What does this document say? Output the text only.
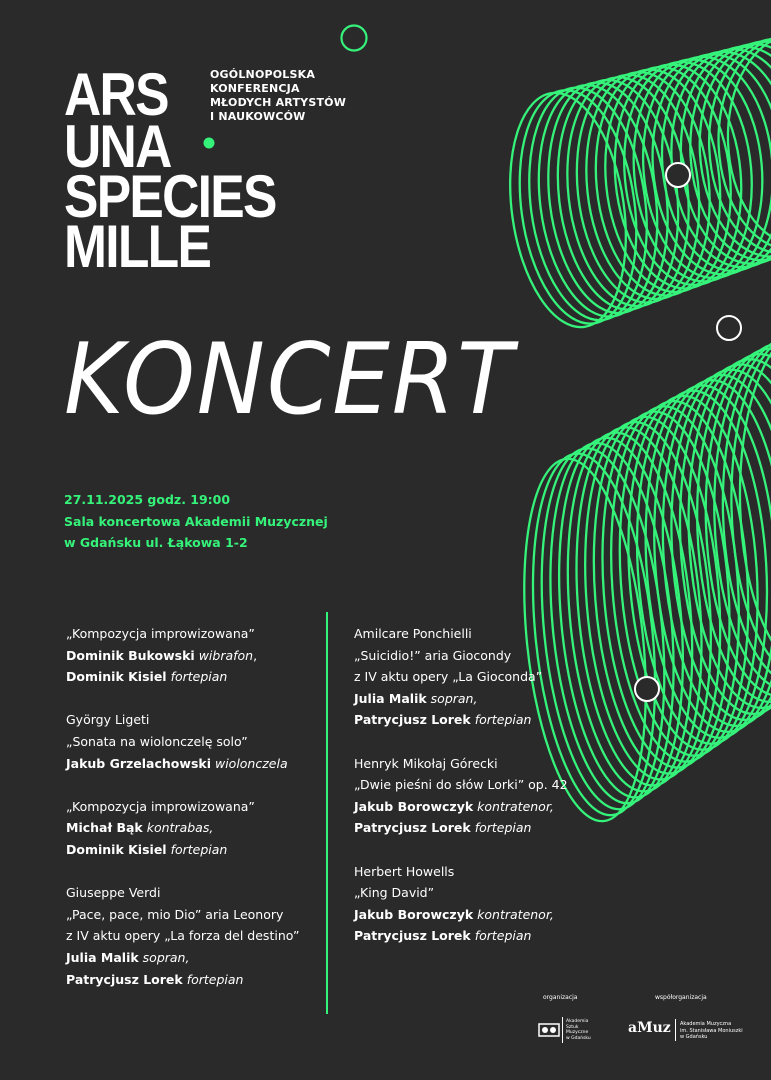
ARS
UNA
SPECIES
MILLE
OGÓLNOPOLSKA
KONFERENCJA
MŁODYCH ARTYSTÓW
I NAUKOWCÓW
KONCERT
27.11.2025 godz. 19:00
Sala koncertowa Akademii Muzycznej
w Gdańsku ul. Łąkowa 1-2
„Kompozycja improwizowana”
Dominik Bukowski wibrafon,
Dominik Kisiel fortepian
György Ligeti
„Sonata na wiolonczelę solo”
Jakub Grzelachowski wiolonczela
„Kompozycja improwizowana”
Michał Bąk kontrabas,
Dominik Kisiel fortepian
Giuseppe Verdi
„Pace, pace, mio Dio” aria Leonory
z IV aktu opery „La forza del destino”
Julia Malik sopran,
Patrycjusz Lorek fortepian
Amilcare Ponchielli
„Suicidio!” aria Giocondy
z IV aktu opery „La Gioconda”
Julia Malik sopran,
Patrycjusz Lorek fortepian
Henryk Mikołaj Górecki
„Dwie pieśni do słów Lorki” op. 42
Jakub Borowczyk kontratenor,
Patrycjusz Lorek fortepian
Herbert Howells
„King David”
Jakub Borowczyk kontratenor,
Patrycjusz Lorek fortepian
organizacja	współorganizacja
Akademia
Sztuk
Muzyczne
w Gdańsku
aMuz Akademia Muzyczna
im. Stanisława Moniuszki
w Gdańsku
